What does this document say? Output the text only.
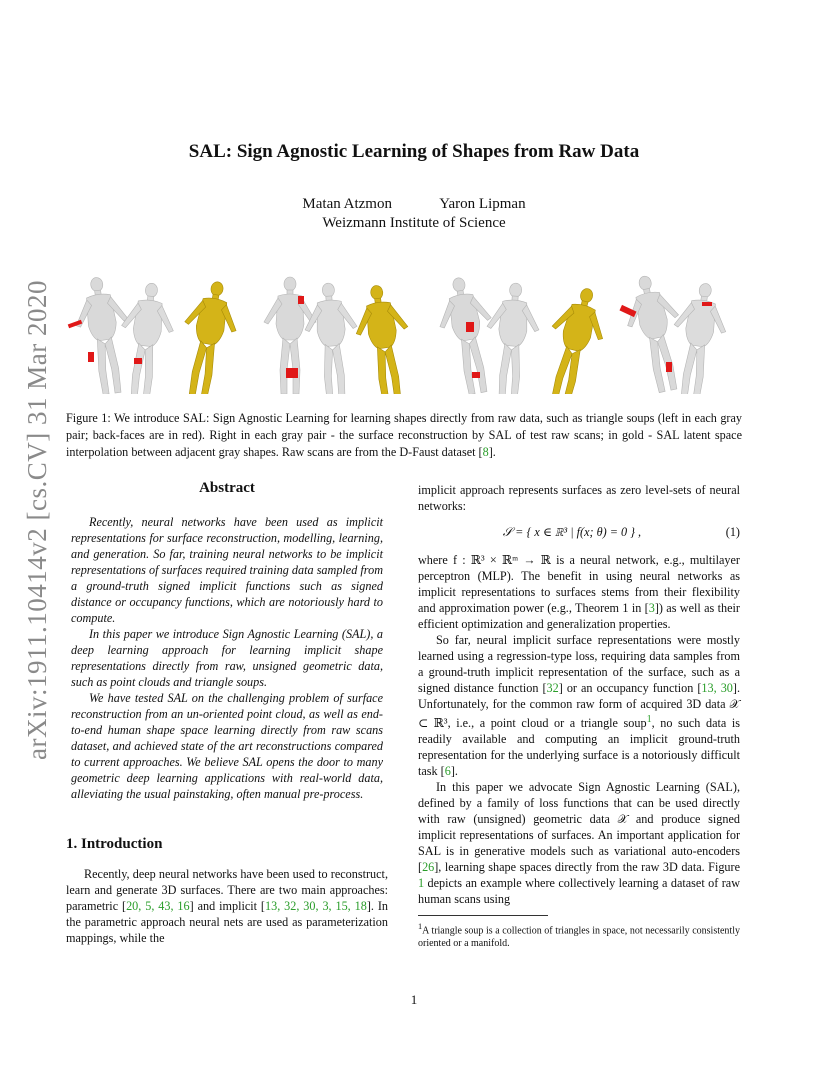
arXiv:1911.10414v2 [cs.CV] 31 Mar 2020
SAL: Sign Agnostic Learning of Shapes from Raw Data
Matan Atzmon	Yaron Lipman
Weizmann Institute of Science
Figure 1: We introduce SAL: Sign Agnostic Learning for learning shapes directly from raw data, such as triangle soups (left in each gray pair; back-faces are in red). Right in each gray pair - the surface reconstruction by SAL of test raw scans; in gold - SAL latent space interpolation between adjacent gray shapes. Raw scans are from the D-Faust dataset [8].
Abstract

Recently, neural networks have been used as implicit representations for surface reconstruction, modelling, learning, and generation. So far, training neural networks to be implicit representations of surfaces required training data sampled from a ground-truth signed implicit functions such as signed distance or occupancy functions, which are notoriously hard to compute.

In this paper we introduce Sign Agnostic Learning (SAL), a deep learning approach for learning implicit shape representations directly from raw, unsigned geometric data, such as point clouds and triangle soups.

We have tested SAL on the challenging problem of surface reconstruction from an un-oriented point cloud, as well as end-to-end human shape space learning directly from raw scans dataset, and achieved state of the art reconstructions compared to current approaches. We believe SAL opens the door to many geometric deep learning applications with real-world data, alleviating the usual painstaking, often manual pre-process.

1. Introduction

Recently, deep neural networks have been used to reconstruct, learn and generate 3D surfaces. There are two main approaches: parametric [20, 5, 43, 16] and implicit [13, 32, 30, 3, 15, 18]. In the parametric approach neural nets are used as parameterization mappings, while the

implicit approach represents surfaces as zero level-sets of neural networks:

𝒮 = { x ∈ ℝ³ | f(x; θ) = 0 } ,	(1)

where f : ℝ³ × ℝᵐ → ℝ is a neural network, e.g., multilayer perceptron (MLP). The benefit in using neural networks as implicit representations to surfaces stems from their flexibility and approximation power (e.g., Theorem 1 in [3]) as well as their efficient optimization and generalization properties.

So far, neural implicit surface representations were mostly learned using a regression-type loss, requiring data samples from a ground-truth implicit representation of the surface, such as a signed distance function [32] or an occupancy function [13, 30]. Unfortunately, for the common raw form of acquired 3D data 𝒳 ⊂ ℝ³, i.e., a point cloud or a triangle soup$^1$, no such data is readily available and computing an implicit ground-truth representation for the underlying surface is a notoriously difficult task [6].

In this paper we advocate Sign Agnostic Learning (SAL), defined by a family of loss functions that can be used directly with raw (unsigned) geometric data 𝒳 and produce signed implicit representations of surfaces. An important application for SAL is in generative models such as variational auto-encoders [26], learning shape spaces directly from the raw 3D data. Figure 1 depicts an example where collectively learning a dataset of raw human scans using

$^1$A triangle soup is a collection of triangles in space, not necessarily consistently oriented or a manifold.
1
